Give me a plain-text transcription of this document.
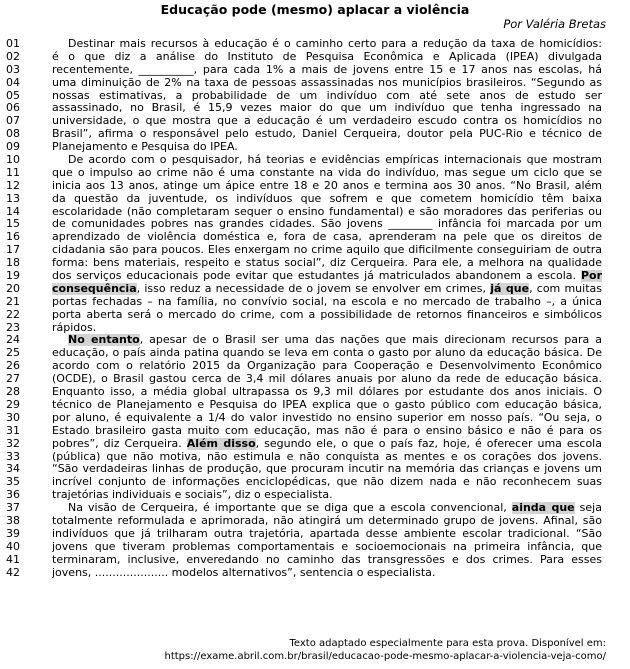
Educação pode (mesmo) aplacar a violência
Por Valéria Bretas
01	Destinar mais recursos à educação é o caminho certo para a redução da taxa de homicídios:
02	é o que diz a análise do Instituto de Pesquisa Econômica e Aplicada (IPEA) divulgada
03	recentemente, __________, para cada 1% a mais de jovens entre 15 e 17 anos nas escolas, há
04	uma diminuição de 2% na taxa de pessoas assassinadas nos municípios brasileiros. “Segundo as
05	nossas estimativas, a probabilidade de um indivíduo com até sete anos de estudo ser
06	assassinado, no Brasil, é 15,9 vezes maior do que um indivíduo que tenha ingressado na
07	universidade, o que mostra que a educação é um verdadeiro escudo contra os homicídios no
08	Brasil”, afirma o responsável pelo estudo, Daniel Cerqueira, doutor pela PUC-Rio e técnico de
09	Planejamento e Pesquisa do IPEA.
10	De acordo com o pesquisador, há teorias e evidências empíricas internacionais que mostram
11	que o impulso ao crime não é uma constante na vida do indivíduo, mas segue um ciclo que se
12	inicia aos 13 anos, atinge um ápice entre 18 e 20 anos e termina aos 30 anos. “No Brasil, além
13	da questão da juventude, os indivíduos que sofrem e que cometem homicídio têm baixa
14	escolaridade (não completaram sequer o ensino fundamental) e são moradores das periferias ou
15	de comunidades pobres nas grandes cidades. São jovens ________ infância foi marcada por um
16	aprendizado de violência doméstica e, fora de casa, aprenderam na pele que os direitos de
17	cidadania são para poucos. Eles enxergam no crime aquilo que dificilmente conseguiriam de outra
18	forma: bens materiais, respeito e status social”, diz Cerqueira. Para ele, a melhora na qualidade
19	dos serviços educacionais pode evitar que estudantes já matriculados abandonem a escola. Por
20	consequência, isso reduz a necessidade de o jovem se envolver em crimes, já que, com muitas
21	portas fechadas – na família, no convívio social, na escola e no mercado de trabalho –, a única
22	porta aberta será o mercado do crime, com a possibilidade de retornos financeiros e simbólicos
23	rápidos.
24	No entanto, apesar de o Brasil ser uma das nações que mais direcionam recursos para a
25	educação, o país ainda patina quando se leva em conta o gasto por aluno da educação básica. De
26	acordo com o relatório 2015 da Organização para Cooperação e Desenvolvimento Econômico
27	(OCDE), o Brasil gastou cerca de 3,4 mil dólares anuais por aluno da rede de educação básica.
28	Enquanto isso, a média global ultrapassa os 9,3 mil dólares por estudante dos anos iniciais. O
29	técnico de Planejamento e Pesquisa do IPEA explica que o gasto público com educação básica,
30	por aluno, é equivalente a 1/4 do valor investido no ensino superior em nosso país. “Ou seja, o
31	Estado brasileiro gasta muito com educação, mas não é para o ensino básico e não é para os
32	pobres”, diz Cerqueira. Além disso, segundo ele, o que o país faz, hoje, é oferecer uma escola
33	(pública) que não motiva, não estimula e não conquista as mentes e os corações dos jovens.
34	“São verdadeiras linhas de produção, que procuram incutir na memória das crianças e jovens um
35	incrível conjunto de informações enciclopédicas, que não dizem nada e não reconhecem suas
36	trajetórias individuais e sociais”, diz o especialista.
37	Na visão de Cerqueira, é importante que se diga que a escola convencional, ainda que seja
38	totalmente reformulada e aprimorada, não atingirá um determinado grupo de jovens. Afinal, são
39	indivíduos que já trilharam outra trajetória, apartada desse ambiente escolar tradicional. “São
40	jovens que tiveram problemas comportamentais e socioemocionais na primeira infância, que
41	terminaram, inclusive, enveredando no caminho das transgressões e dos crimes. Para esses
42	jovens, ..................... modelos alternativos”, sentencia o especialista.
Texto adaptado especialmente para esta prova. Disponível em:
https://exame.abril.com.br/brasil/educacao-pode-mesmo-aplacar-a-violencia-veja-como/
